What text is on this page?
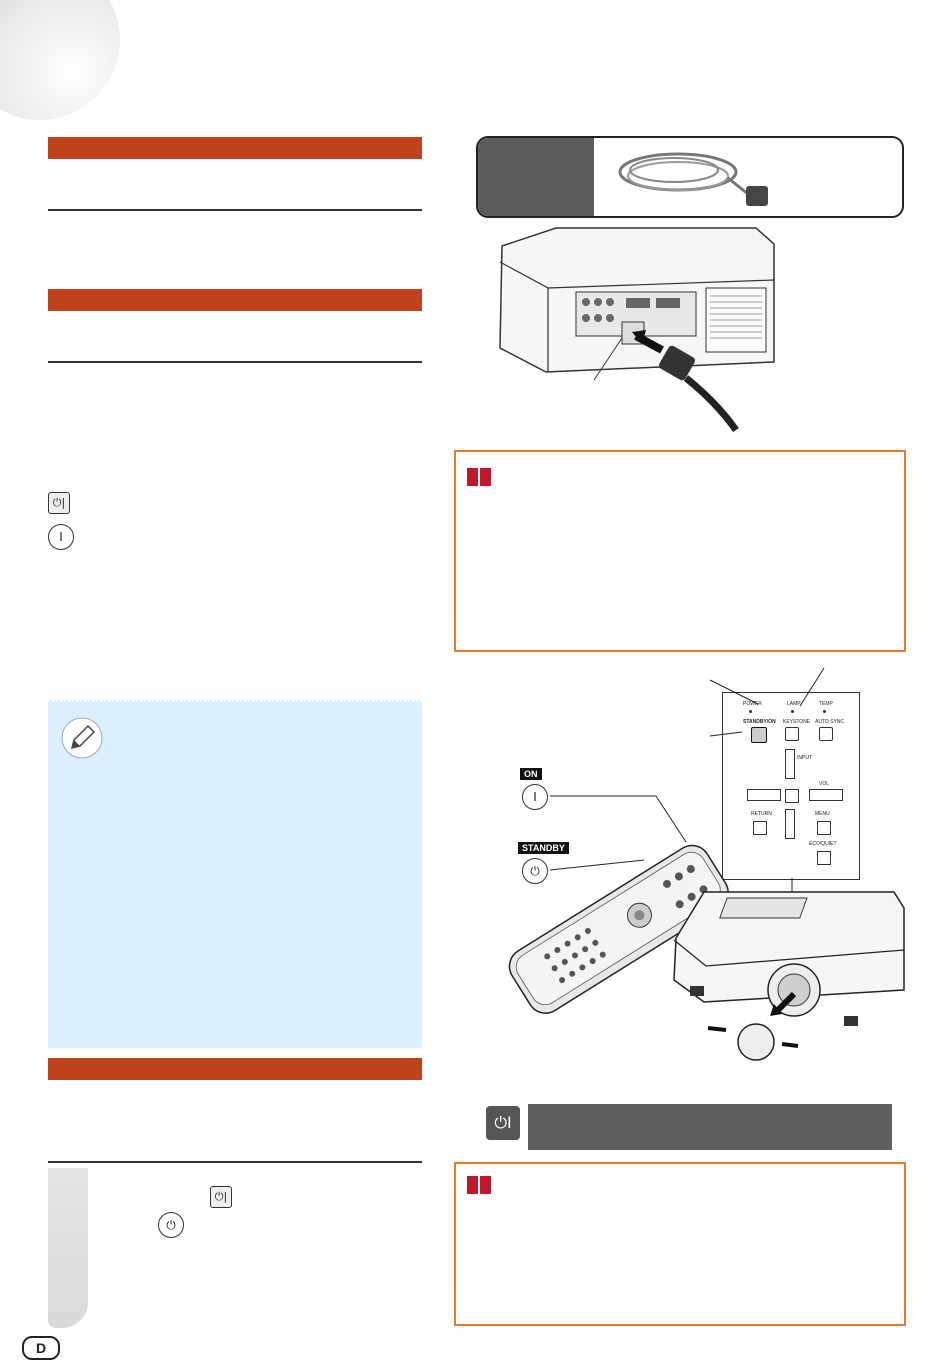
⏻|
I
⏻|
⏻
D
POWER	LAMP	TEMP
STANDBY/ON KEYSTONE AUTO SYNC
INPUT
VOL
RETURN	MENU
ECO/QUIET
ON
I
STANDBY
⏻
⏻I
